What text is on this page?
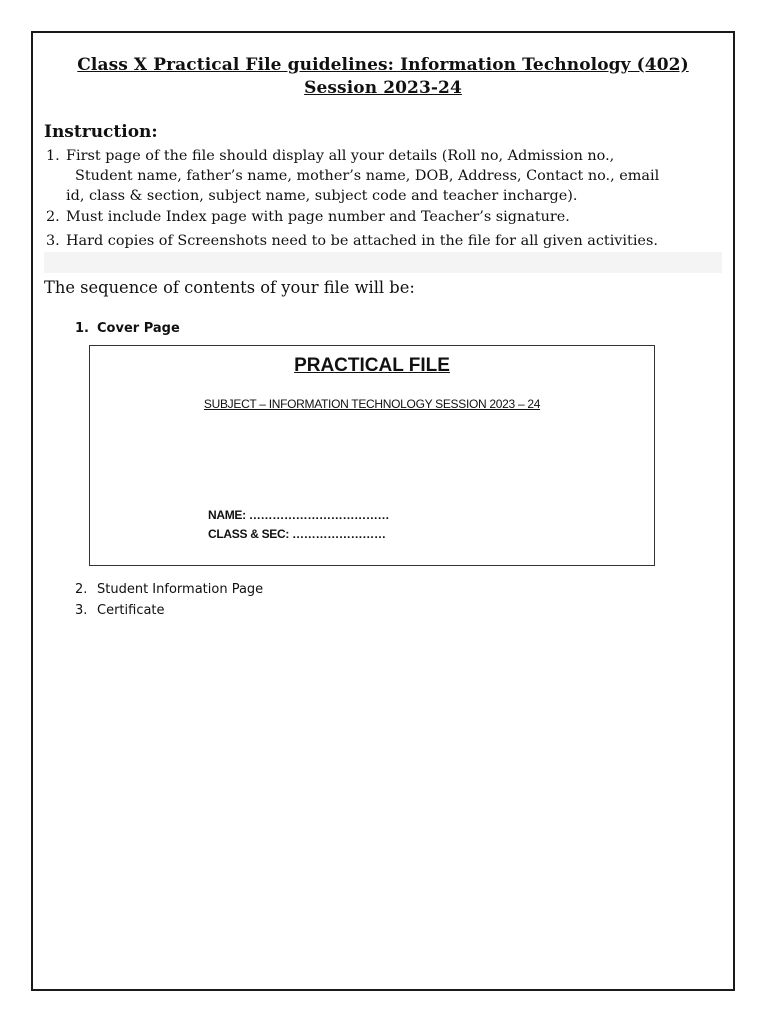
Class X Practical File guidelines: Information Technology (402)
Session 2023-24
Instruction:
1. First page of the file should display all your details (Roll no, Admission no.,
Student name, father’s name, mother’s name, DOB, Address, Contact no., email
id, class & section, subject name, subject code and teacher incharge).
2. Must include Index page with page number and Teacher’s signature.
3. Hard copies of Screenshots need to be attached in the file for all given activities.
The sequence of contents of your file will be:
1. Cover Page
PRACTICAL FILE
SUBJECT – INFORMATION TECHNOLOGY SESSION 2023 – 24
NAME: ………………………………
CLASS & SEC: ……………………
2. Student Information Page
3. Certificate
